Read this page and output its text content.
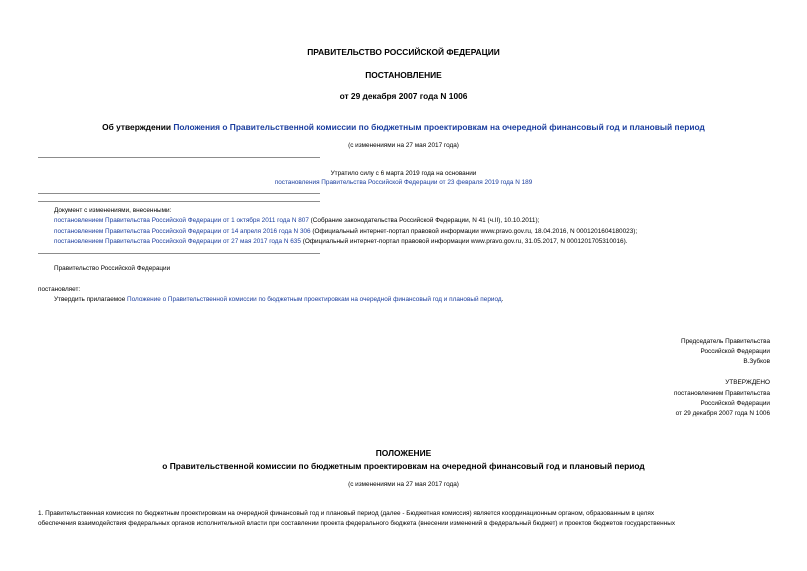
ПРАВИТЕЛЬСТВО РОССИЙСКОЙ ФЕДЕРАЦИИ
ПОСТАНОВЛЕНИЕ
от 29 декабря 2007 года N 1006
Об утверждении Положения о Правительственной комиссии по бюджетным проектировкам на очередной финансовый год и плановый период
(с изменениями на 27 мая 2017 года)
Утратило силу с 6 марта 2019 года на основании
постановления Правительства Российской Федерации от 23 февраля 2019 года N 189
Документ с изменениями, внесенными:
постановлением Правительства Российской Федерации от 1 октября 2011 года N 807 (Собрание законодательства Российской Федерации, N 41 (ч.II), 10.10.2011);
постановлением Правительства Российской Федерации от 14 апреля 2016 года N 306 (Официальный интернет-портал правовой информации www.pravo.gov.ru, 18.04.2016, N 0001201604180023);
постановлением Правительства Российской Федерации от 27 мая 2017 года N 635 (Официальный интернет-портал правовой информации www.pravo.gov.ru, 31.05.2017, N 0001201705310016).
Правительство Российской Федерации
постановляет:
Утвердить прилагаемое Положение о Правительственной комиссии по бюджетным проектировкам на очередной финансовый год и плановый период.
Председатель Правительства
Российской Федерации
В.Зубков
УТВЕРЖДЕНО
постановлением Правительства
Российской Федерации
от 29 декабря 2007 года N 1006
ПОЛОЖЕНИЕ
о Правительственной комиссии по бюджетным проектировкам на очередной финансовый год и плановый период
(с изменениями на 27 мая 2017 года)
1. Правительственная комиссия по бюджетным проектировкам на очередной финансовый год и плановый период (далее - Бюджетная комиссия) является координационным органом, образованным в целях
обеспечения взаимодействия федеральных органов исполнительной власти при составлении проекта федерального бюджета (внесении изменений в федеральный бюджет) и проектов бюджетов государственных
